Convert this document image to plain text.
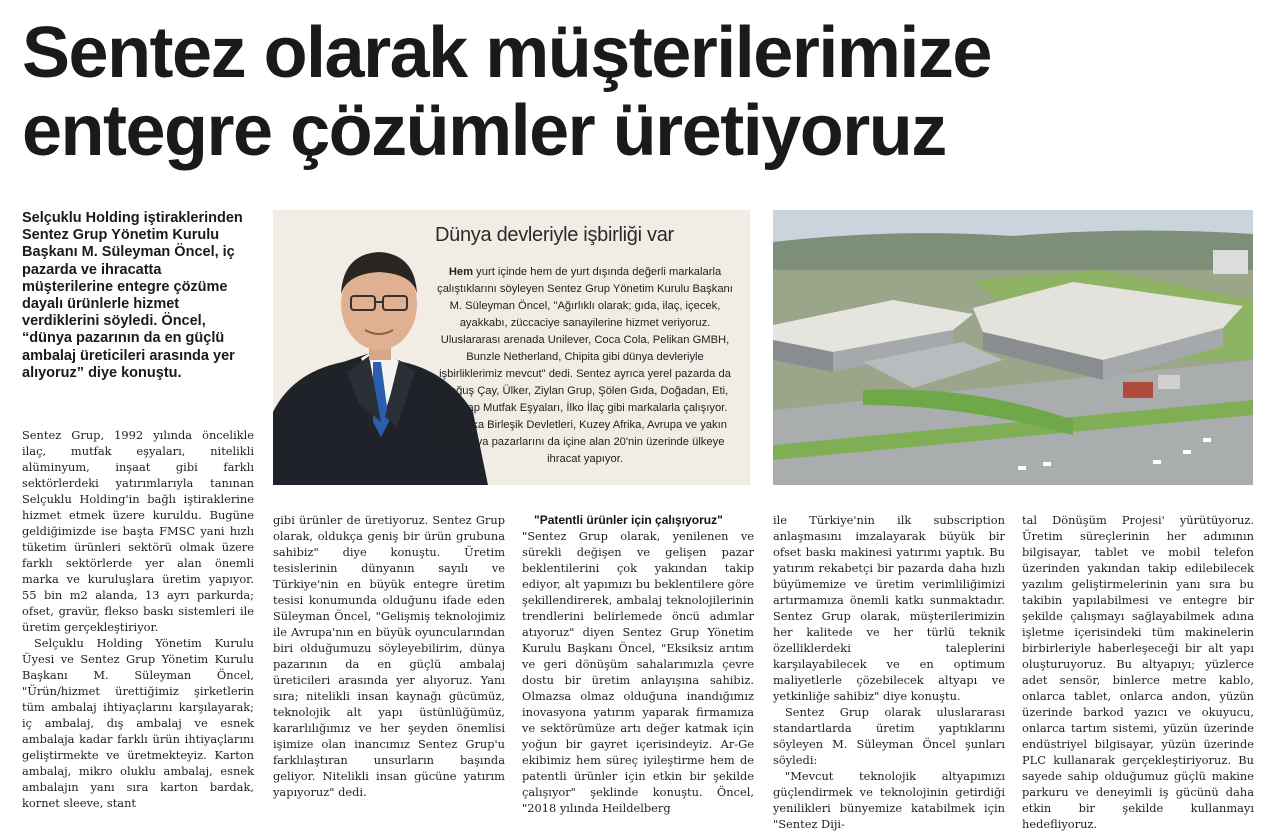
Sentez olarak müşterilerimize
entegre çözümler üretiyoruz

Selçuklu Holding iştiraklerinden Sentez Grup Yönetim Kurulu Başkanı M. Süleyman Öncel, iç pazarda ve ihracatta müşterilerine entegre çözüme dayalı ürünlerle hizmet verdiklerini söyledi. Öncel, “dünya pazarının da en güçlü ambalaj üreticileri arasında yer alıyoruz” diye konuştu.

Sentez Grup, 1992 yılında öncelikle ilaç, mutfak eşyaları, nitelikli alüminyum, inşaat gibi farklı sektörlerdeki yatırımlarıyla tanınan Selçuklu Holding'in bağlı iştiraklerine hizmet etmek üzere kuruldu. Bugüne geldiğimizde ise başta FMSC yani hızlı tüketim ürünleri sektörü olmak üzere farklı sektörlerde yer alan önemli marka ve kuruluşlara üretim yapıyor. 55 bin m2 alanda, 13 ayrı parkurda; ofset, gravür, flekso baskı sistemleri ile üretim gerçekleştiriyor.

Selçuklu Holding Yönetim Kurulu Üyesi ve Sentez Grup Yönetim Kurulu Başkanı M. Süleyman Öncel, "Ürün/hizmet ürettiğimiz şirketlerin tüm ambalaj ihtiyaçlarını karşılayarak; iç ambalaj, dış ambalaj ve esnek ambalaja kadar farklı ürün ihtiyaçlarını geliştirmekte ve üretmekteyiz. Karton ambalaj, mikro oluklu ambalaj, esnek ambalajın yanı sıra karton bardak, kornet sleeve, stant

Dünya devleriyle işbirliği var

Hem yurt içinde hem de yurt dışında değerli markalarla çalıştıklarını söyleyen Sentez Grup Yönetim Kurulu Başkanı M. Süleyman Öncel, "Ağırlıklı olarak; gıda, ilaç, içecek, ayakkabı, züccaciye sanayilerine hizmet veriyoruz. Uluslararası arenada Unilever, Coca Cola, Pelikan GMBH, Bunzle Netherland, Chipita gibi dünya devleriyle işbirliklerimiz mevcut" dedi. Sentez ayrıca yerel pazarda da Doğuş Çay, Ülker, Ziylan Grup, Şölen Gıda, Doğadan, Eti, Mehtap Mutfak Eşyaları, İlko İlaç gibi markalarla çalışıyor. Amerika Birleşik Devletleri, Kuzey Afrika, Avrupa ve yakın coğrafya pazarlarını da içine alan 20'nin üzerinde ülkeye ihracat yapıyor.

gibi ürünler de üretiyoruz. Sentez Grup olarak, oldukça geniş bir ürün grubuna sahibiz" diye konuştu. Üretim tesislerinin dünyanın sayılı ve Türkiye'nin en büyük entegre üretim tesisi konumunda olduğunu ifade eden Süleyman Öncel, "Gelişmiş teknolojimiz ile Avrupa'nın en büyük oyuncularından biri olduğumuzu söyleyebilirim, dünya pazarının da en güçlü ambalaj üreticileri arasında yer alıyoruz. Yanı sıra; nitelikli insan kaynağı gücümüz, teknolojik alt yapı üstünlüğümüz, kararlılığımız ve her şeyden önemlisi işimize olan inancımız Sentez Grup'u farklılaştıran unsurların başında geliyor. Nitelikli insan gücüne yatırım yapıyoruz" dedi.

"Patentli ürünler için çalışıyoruz"

"Sentez Grup olarak, yenilenen ve sürekli değişen ve gelişen pazar beklentilerini çok yakından takip ediyor, alt yapımızı bu beklentilere göre şekillendirerek, ambalaj teknolojilerinin trendlerini belirlemede öncü adımlar atıyoruz" diyen Sentez Grup Yönetim Kurulu Başkanı Öncel, "Eksiksiz arıtım ve geri dönüşüm sahalarımızla çevre dostu bir üretim anlayışına sahibiz. Olmazsa olmaz olduğuna inandığımız inovasyona yatırım yaparak firmamıza ve sektörümüze artı değer katmak için yoğun bir gayret içerisindeyiz. Ar-Ge ekibimiz hem süreç iyileştirme hem de patentli ürünler için etkin bir şekilde çalışıyor" şeklinde konuştu. Öncel, "2018 yılında Heildelberg

ile Türkiye'nin ilk subscription anlaşmasını imzalayarak büyük bir ofset baskı makinesi yatırımı yaptık. Bu yatırım rekabetçi bir pazarda daha hızlı büyümemize ve üretim verimliliğimizi artırmamıza önemli katkı sunmaktadır. Sentez Grup olarak, müşterilerimizin her kalitede ve her türlü teknik özelliklerdeki taleplerini karşılayabilecek ve en optimum maliyetlerle çözebilecek altyapı ve yetkinliğe sahibiz" diye konuştu.

Sentez Grup olarak uluslararası standartlarda üretim yaptıklarını söyleyen M. Süleyman Öncel şunları söyledi:

"Mevcut teknolojik altyapımızı güçlendirmek ve teknolojinin getirdiği yenilikleri bünyemize katabilmek için "Sentez Diji-

tal Dönüşüm Projesi' yürütüyoruz. Üretim süreçlerinin her adımının bilgisayar, tablet ve mobil telefon üzerinden yakından takip edilebilecek yazılım geliştirmelerinin yanı sıra bu takibin yapılabilmesi ve entegre bir şekilde çalışmayı sağlayabilmek adına işletme içerisindeki tüm makinelerin birbirleriyle haberleşeceği bir alt yapı oluşturuyoruz. Bu altyapıyı; yüzlerce adet sensör, binlerce metre kablo, onlarca tablet, onlarca andon, yüzün üzerinde barkod yazıcı ve okuyucu, onlarca tartım sistemi, yüzün üzerinde endüstriyel bilgisayar, yüzün üzerinde PLC kullanarak gerçekleştiriyoruz. Bu sayede sahip olduğumuz güçlü makine parkuru ve deneyimli iş gücünü daha etkin bir şekilde kullanmayı hedefliyoruz.
